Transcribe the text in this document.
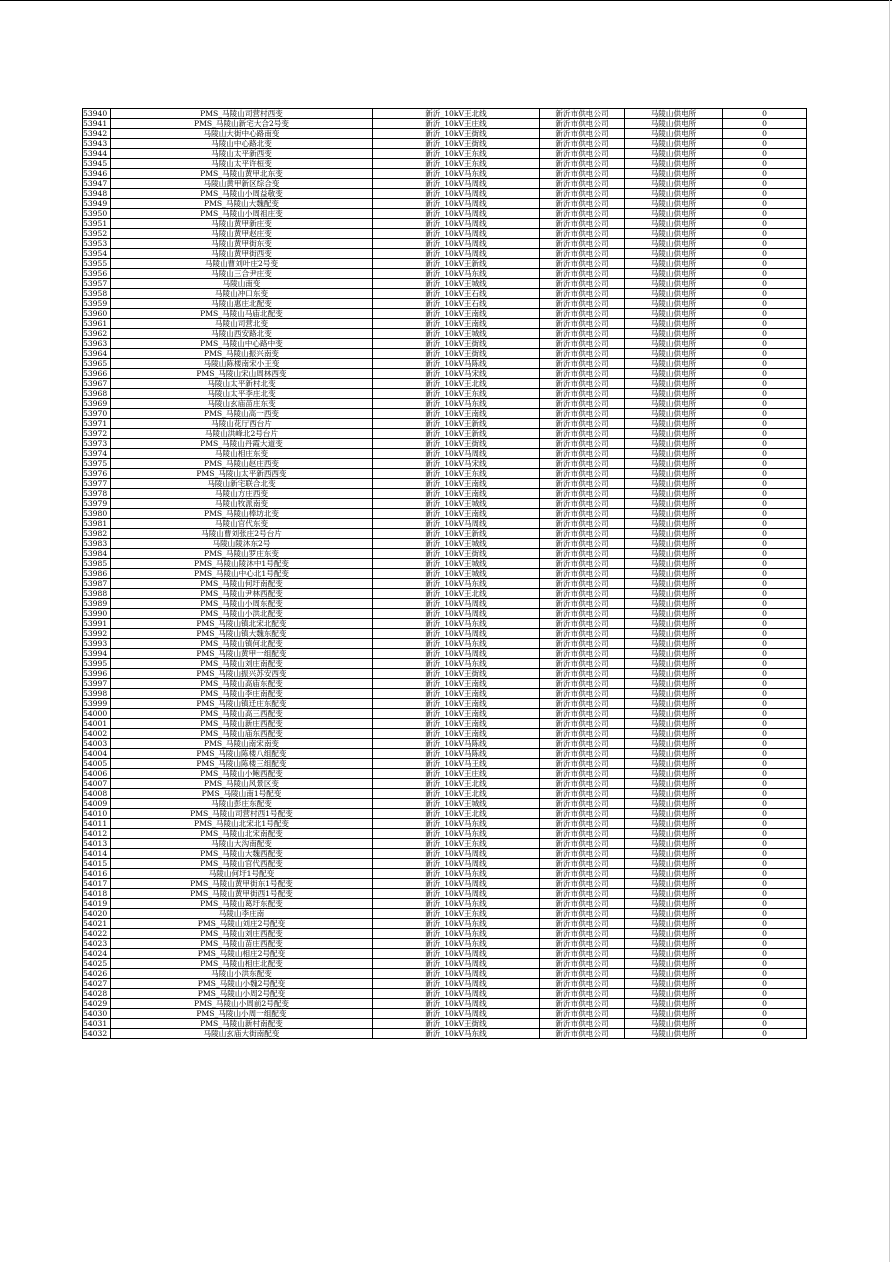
53940	PMS_马陵山司营村西变	新沂_10kV王北线	新沂市供电公司	马陵山供电所	0
53941	PMS_马陵山新宅大合2号变	新沂_10kV王庄线	新沂市供电公司	马陵山供电所	0
53942	马陵山大街中心路南变	新沂_10kV王街线	新沂市供电公司	马陵山供电所	0
53943	马陵山中心路北变	新沂_10kV王街线	新沂市供电公司	马陵山供电所	0
53944	马陵山太平新西变	新沂_10kV王东线	新沂市供电公司	马陵山供电所	0
53945	马陵山太平许桓变	新沂_10kV王东线	新沂市供电公司	马陵山供电所	0
53946	PMS_马陵山黄甲北东变	新沂_10kV马东线	新沂市供电公司	马陵山供电所	0
53947	马陵山黄甲新区综合变	新沂_10kV马周线	新沂市供电公司	马陵山供电所	0
53948	PMS_马陵山小周益敬变	新沂_10kV马周线	新沂市供电公司	马陵山供电所	0
53949	PMS_马陵山大魏配变	新沂_10kV马周线	新沂市供电公司	马陵山供电所	0
53950	PMS_马陵山小周祖庄变	新沂_10kV马周线	新沂市供电公司	马陵山供电所	0
53951	马陵山黄甲新庄变	新沂_10kV马周线	新沂市供电公司	马陵山供电所	0
53952	马陵山黄甲赵庄变	新沂_10kV马周线	新沂市供电公司	马陵山供电所	0
53953	马陵山黄甲街东变	新沂_10kV马周线	新沂市供电公司	马陵山供电所	0
53954	马陵山黄甲街西变	新沂_10kV马周线	新沂市供电公司	马陵山供电所	0
53955	马陵山曹刘叶庄2号变	新沂_10kV王新线	新沂市供电公司	马陵山供电所	0
53956	马陵山三合尹庄变	新沂_10kV马东线	新沂市供电公司	马陵山供电所	0
53957	马陵山南变	新沂_10kV王城线	新沂市供电公司	马陵山供电所	0
53958	马陵山冲口东变	新沂_10kV王石线	新沂市供电公司	马陵山供电所	0
53959	马陵山惠庄北配变	新沂_10kV王石线	新沂市供电公司	马陵山供电所	0
53960	PMS_马陵山马庙北配变	新沂_10kV王南线	新沂市供电公司	马陵山供电所	0
53961	马陵山司营北变	新沂_10kV王南线	新沂市供电公司	马陵山供电所	0
53962	马陵山西安路北变	新沂_10kV王城线	新沂市供电公司	马陵山供电所	0
53963	PMS_马陵山中心路中变	新沂_10kV王街线	新沂市供电公司	马陵山供电所	0
53964	PMS_马陵山振兴南变	新沂_10kV王街线	新沂市供电公司	马陵山供电所	0
53965	马陵山陈楼南宋小王变	新沂_10kV马陈线	新沂市供电公司	马陵山供电所	0
53966	PMS_马陵山宋山周林西变	新沂_10kV马宋线	新沂市供电公司	马陵山供电所	0
53967	马陵山太平新村北变	新沂_10kV王北线	新沂市供电公司	马陵山供电所	0
53968	马陵山太平李庄北变	新沂_10kV王东线	新沂市供电公司	马陵山供电所	0
53969	马陵山玄庙苗庄东变	新沂_10kV马东线	新沂市供电公司	马陵山供电所	0
53970	PMS_马陵山高一西变	新沂_10kV王南线	新沂市供电公司	马陵山供电所	0
53971	马陵山花厅西台片	新沂_10kV王新线	新沂市供电公司	马陵山供电所	0
53972	马陵山洪峰北2号台片	新沂_10kV王新线	新沂市供电公司	马陵山供电所	0
53973	PMS_马陵山丹霞大道变	新沂_10kV王街线	新沂市供电公司	马陵山供电所	0
53974	马陵山相庄东变	新沂_10kV马周线	新沂市供电公司	马陵山供电所	0
53975	PMS_马陵山赵庄西变	新沂_10kV马宋线	新沂市供电公司	马陵山供电所	0
53976	PMS_马陵山太平新西西变	新沂_10kV王东线	新沂市供电公司	马陵山供电所	0
53977	马陵山新宅联合北变	新沂_10kV王南线	新沂市供电公司	马陵山供电所	0
53978	马陵山方庄西变	新沂_10kV王南线	新沂市供电公司	马陵山供电所	0
53979	马陵山牧派南变	新沂_10kV王城线	新沂市供电公司	马陵山供电所	0
53980	PMS_马陵山棒坊北变	新沂_10kV王南线	新沂市供电公司	马陵山供电所	0
53981	马陵山官代东变	新沂_10kV马周线	新沂市供电公司	马陵山供电所	0
53982	马陵山曹刘张庄2号台片	新沂_10kV王新线	新沂市供电公司	马陵山供电所	0
53983	马陵山陵沐东2号	新沂_10kV王城线	新沂市供电公司	马陵山供电所	0
53984	PMS_马陵山罗庄东变	新沂_10kV王街线	新沂市供电公司	马陵山供电所	0
53985	PMS_马陵山陵沐中1号配变	新沂_10kV王城线	新沂市供电公司	马陵山供电所	0
53986	PMS_马陵山中心北1号配变	新沂_10kV王城线	新沂市供电公司	马陵山供电所	0
53987	PMS_马陵山何圩南配变	新沂_10kV马东线	新沂市供电公司	马陵山供电所	0
53988	PMS_马陵山尹林西配变	新沂_10kV王北线	新沂市供电公司	马陵山供电所	0
53989	PMS_马陵山小周东配变	新沂_10kV马周线	新沂市供电公司	马陵山供电所	0
53990	PMS_马陵山小洪北配变	新沂_10kV马周线	新沂市供电公司	马陵山供电所	0
53991	PMS_马陵山镇北宋北配变	新沂_10kV马东线	新沂市供电公司	马陵山供电所	0
53992	PMS_马陵山镇大魏东配变	新沂_10kV马周线	新沂市供电公司	马陵山供电所	0
53993	PMS_马陵山镇何北配变	新沂_10kV马东线	新沂市供电公司	马陵山供电所	0
53994	PMS_马陵山黄甲一组配变	新沂_10kV马周线	新沂市供电公司	马陵山供电所	0
53995	PMS_马陵山刘庄南配变	新沂_10kV马东线	新沂市供电公司	马陵山供电所	0
53996	PMS_马陵山振兴苏安西变	新沂_10kV王街线	新沂市供电公司	马陵山供电所	0
53997	PMS_马陵山高庙东配变	新沂_10kV王南线	新沂市供电公司	马陵山供电所	0
53998	PMS_马陵山李庄南配变	新沂_10kV王南线	新沂市供电公司	马陵山供电所	0
53999	PMS_马陵山镇迁庄东配变	新沂_10kV王南线	新沂市供电公司	马陵山供电所	0
54000	PMS_马陵山高三西配变	新沂_10kV王南线	新沂市供电公司	马陵山供电所	0
54001	PMS_马陵山新庄西配变	新沂_10kV王南线	新沂市供电公司	马陵山供电所	0
54002	PMS_马陵山庙东西配变	新沂_10kV王南线	新沂市供电公司	马陵山供电所	0
54003	PMS_马陵山南宋南变	新沂_10kV马陈线	新沂市供电公司	马陵山供电所	0
54004	PMS_马陵山陈楼八组配变	新沂_10kV马陈线	新沂市供电公司	马陵山供电所	0
54005	PMS_马陵山陈楼三组配变	新沂_10kV马王线	新沂市供电公司	马陵山供电所	0
54006	PMS_马陵山小鲍西配变	新沂_10kV王庄线	新沂市供电公司	马陵山供电所	0
54007	PMS_马陵山风景区变	新沂_10kV王北线	新沂市供电公司	马陵山供电所	0
54008	PMS_马陵山南1号配变	新沂_10kV王北线	新沂市供电公司	马陵山供电所	0
54009	马陵山彭庄东配变	新沂_10kV王城线	新沂市供电公司	马陵山供电所	0
54010	PMS_马陵山司营村西1号配变	新沂_10kV王北线	新沂市供电公司	马陵山供电所	0
54011	PMS_马陵山北宋北1号配变	新沂_10kV马东线	新沂市供电公司	马陵山供电所	0
54012	PMS_马陵山北宋南配变	新沂_10kV马东线	新沂市供电公司	马陵山供电所	0
54013	马陵山大沟南配变	新沂_10kV王东线	新沂市供电公司	马陵山供电所	0
54014	PMS_马陵山大魏西配变	新沂_10kV马周线	新沂市供电公司	马陵山供电所	0
54015	PMS_马陵山官代西配变	新沂_10kV马周线	新沂市供电公司	马陵山供电所	0
54016	马陵山何圩1号配变	新沂_10kV马东线	新沂市供电公司	马陵山供电所	0
54017	PMS_马陵山黄甲街东1号配变	新沂_10kV马周线	新沂市供电公司	马陵山供电所	0
54018	PMS_马陵山黄甲街西1号配变	新沂_10kV马周线	新沂市供电公司	马陵山供电所	0
54019	PMS_马陵山葛圩东配变	新沂_10kV马东线	新沂市供电公司	马陵山供电所	0
54020	马陵山李庄南	新沂_10kV王东线	新沂市供电公司	马陵山供电所	0
54021	PMS_马陵山刘庄2号配变	新沂_10kV马东线	新沂市供电公司	马陵山供电所	0
54022	PMS_马陵山刘庄西配变	新沂_10kV马东线	新沂市供电公司	马陵山供电所	0
54023	PMS_马陵山苗庄西配变	新沂_10kV马东线	新沂市供电公司	马陵山供电所	0
54024	PMS_马陵山相庄2号配变	新沂_10kV马周线	新沂市供电公司	马陵山供电所	0
54025	PMS_马陵山相庄北配变	新沂_10kV马周线	新沂市供电公司	马陵山供电所	0
54026	马陵山小洪东配变	新沂_10kV马周线	新沂市供电公司	马陵山供电所	0
54027	PMS_马陵山小魏2号配变	新沂_10kV马周线	新沂市供电公司	马陵山供电所	0
54028	PMS_马陵山小周2号配变	新沂_10kV马周线	新沂市供电公司	马陵山供电所	0
54029	PMS_马陵山小周前2号配变	新沂_10kV马周线	新沂市供电公司	马陵山供电所	0
54030	PMS_马陵山小周一组配变	新沂_10kV马周线	新沂市供电公司	马陵山供电所	0
54031	PMS_马陵山新村南配变	新沂_10kV王街线	新沂市供电公司	马陵山供电所	0
54032	马陵山玄庙大街南配变	新沂_10kV马东线	新沂市供电公司	马陵山供电所	0
